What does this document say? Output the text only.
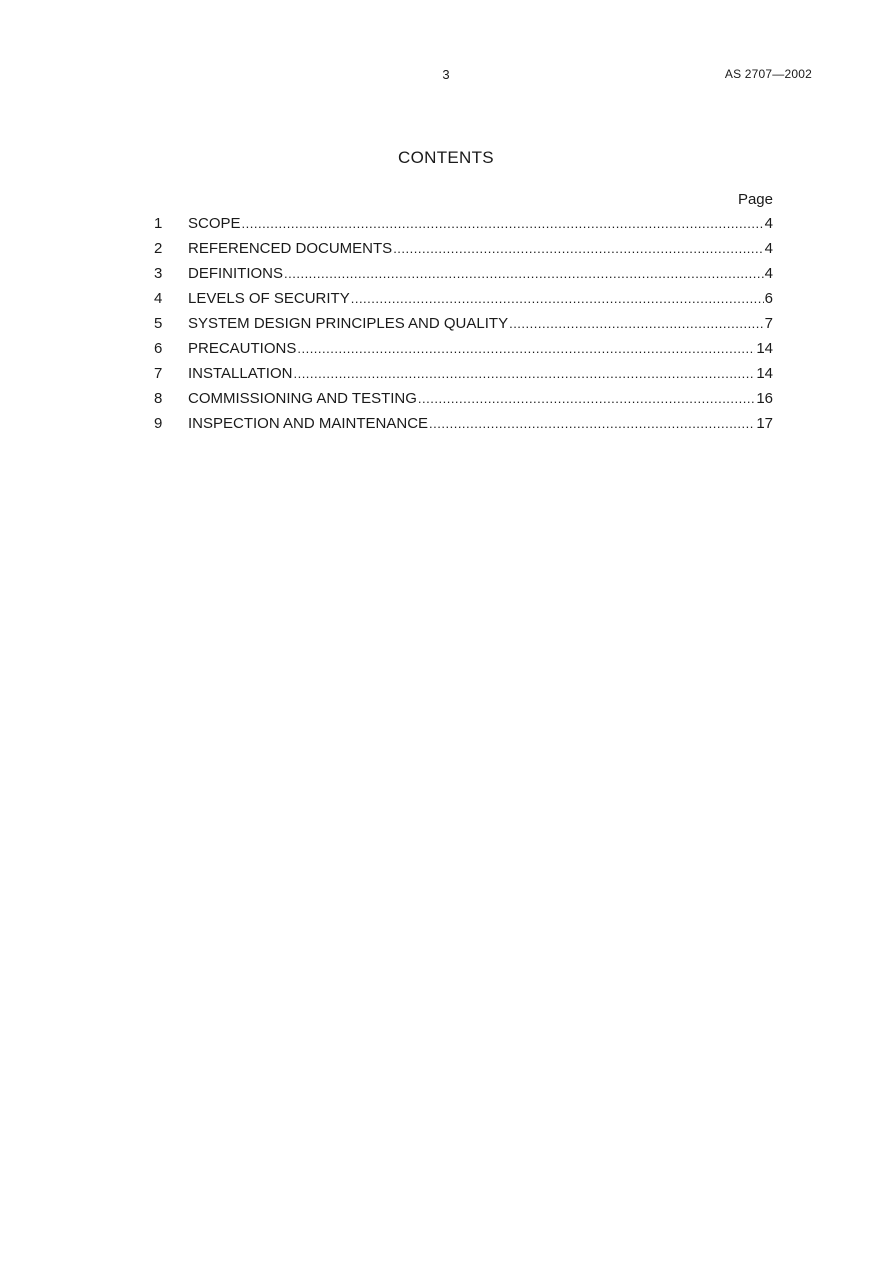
3	AS 2707—2002
CONTENTS
Page
1	SCOPE .....	4
2	REFERENCED DOCUMENTS .....	4
3	DEFINITIONS .....	4
4	LEVELS OF SECURITY .....	6
5	SYSTEM DESIGN PRINCIPLES AND QUALITY .....	7
6	PRECAUTIONS .....	14
7	INSTALLATION .....	14
8	COMMISSIONING AND TESTING .....	16
9	INSPECTION AND MAINTENANCE .....	17
